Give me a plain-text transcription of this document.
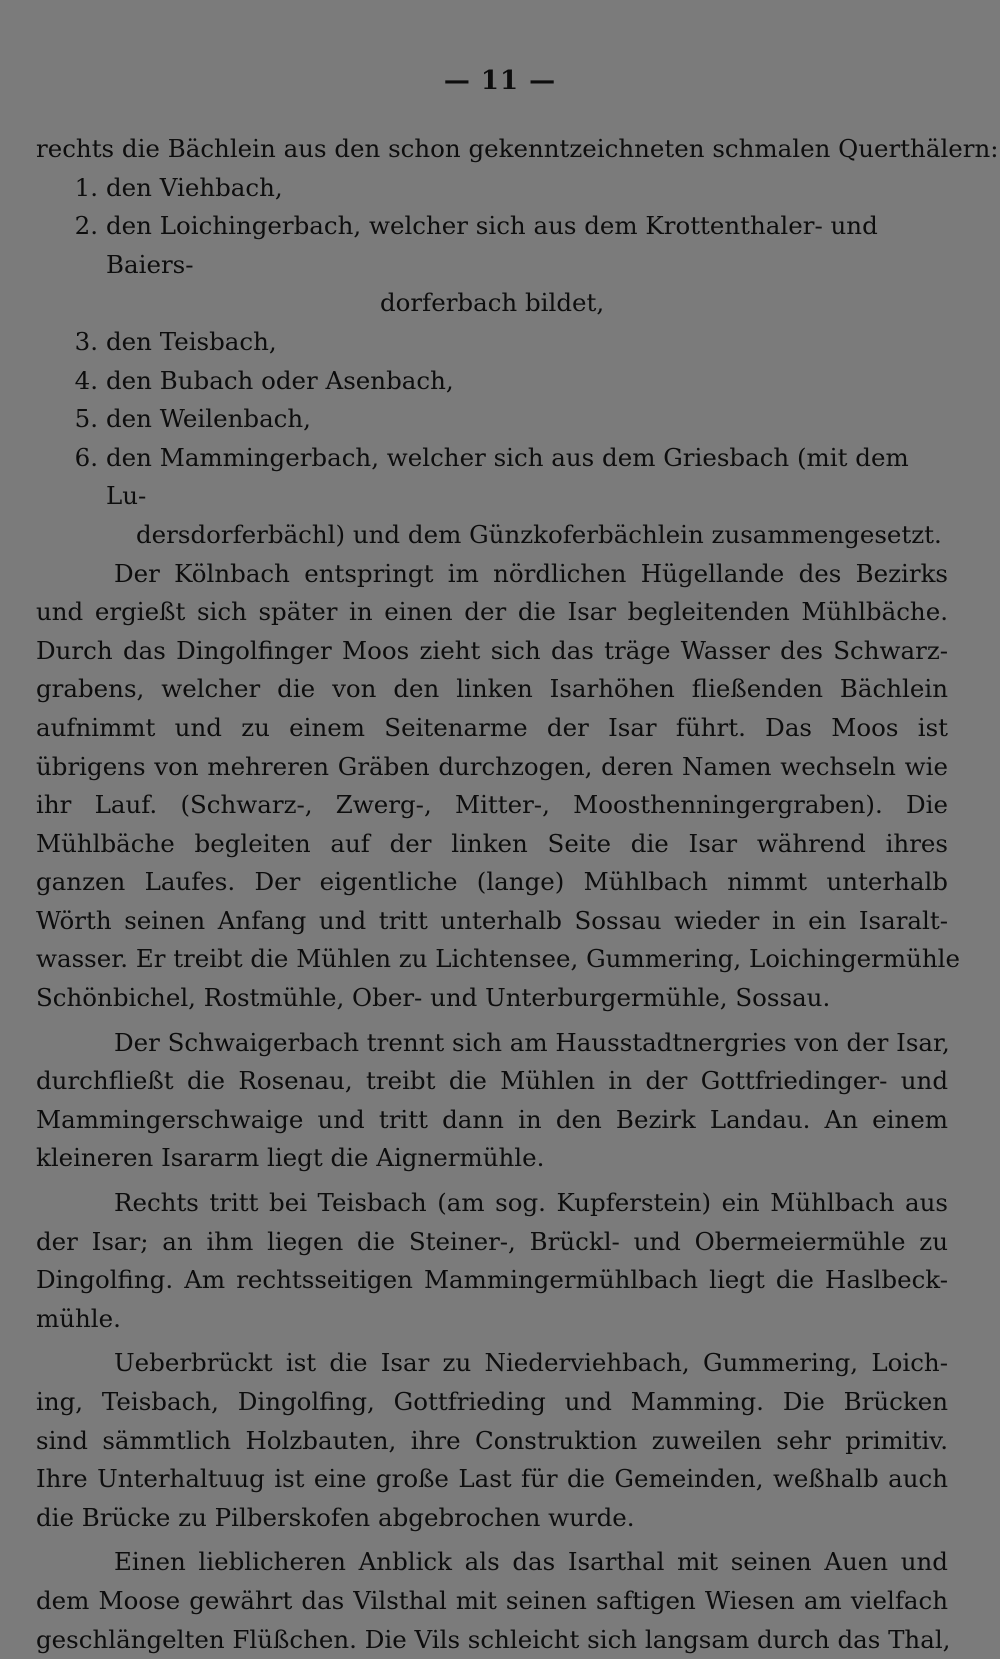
— 11 —
rechts die Bächlein aus den schon gekenntzeichneten schmalen Querthälern:
1. den Viehbach,
2. den Loichingerbach, welcher sich aus dem Krottenthaler- und Baiers-
dorferbach bildet,
3. den Teisbach,
4. den Bubach oder Asenbach,
5. den Weilenbach,
6. den Mammingerbach, welcher sich aus dem Griesbach (mit dem Lu-
dersdorferbächl) und dem Günzkoferbächlein zusammengesetzt.
Der Kölnbach entspringt im nördlichen Hügellande des Bezirks
und ergießt sich später in einen der die Isar begleitenden Mühlbäche.
Durch das Dingolfinger Moos zieht sich das träge Wasser des Schwarz-
grabens, welcher die von den linken Isarhöhen fließenden Bächlein
aufnimmt und zu einem Seitenarme der Isar führt. Das Moos ist
übrigens von mehreren Gräben durchzogen, deren Namen wechseln wie
ihr Lauf. (Schwarz-, Zwerg-, Mitter-, Moosthenningergraben). Die
Mühlbäche begleiten auf der linken Seite die Isar während ihres
ganzen Laufes. Der eigentliche (lange) Mühlbach nimmt unterhalb
Wörth seinen Anfang und tritt unterhalb Sossau wieder in ein Isaralt-
wasser. Er treibt die Mühlen zu Lichtensee, Gummering, Loichingermühle
Schönbichel, Rostmühle, Ober- und Unterburgermühle, Sossau.
Der Schwaigerbach trennt sich am Hausstadtnergries von der Isar,
durchfließt die Rosenau, treibt die Mühlen in der Gottfriedinger- und
Mammingerschwaige und tritt dann in den Bezirk Landau. An einem
kleineren Isararm liegt die Aignermühle.
Rechts tritt bei Teisbach (am sog. Kupferstein) ein Mühlbach aus
der Isar; an ihm liegen die Steiner-, Brückl- und Obermeiermühle zu
Dingolfing. Am rechtsseitigen Mammingermühlbach liegt die Haslbeck-
mühle.
Ueberbrückt ist die Isar zu Niederviehbach, Gummering, Loich-
ing, Teisbach, Dingolfing, Gottfrieding und Mamming. Die Brücken
sind sämmtlich Holzbauten, ihre Construktion zuweilen sehr primitiv.
Ihre Unterhaltuug ist eine große Last für die Gemeinden, weßhalb auch
die Brücke zu Pilberskofen abgebrochen wurde.
Einen lieblicheren Anblick als das Isarthal mit seinen Auen und
dem Moose gewährt das Vilsthal mit seinen saftigen Wiesen am vielfach
geschlängelten Flüßchen. Die Vils schleicht sich langsam durch das Thal,
